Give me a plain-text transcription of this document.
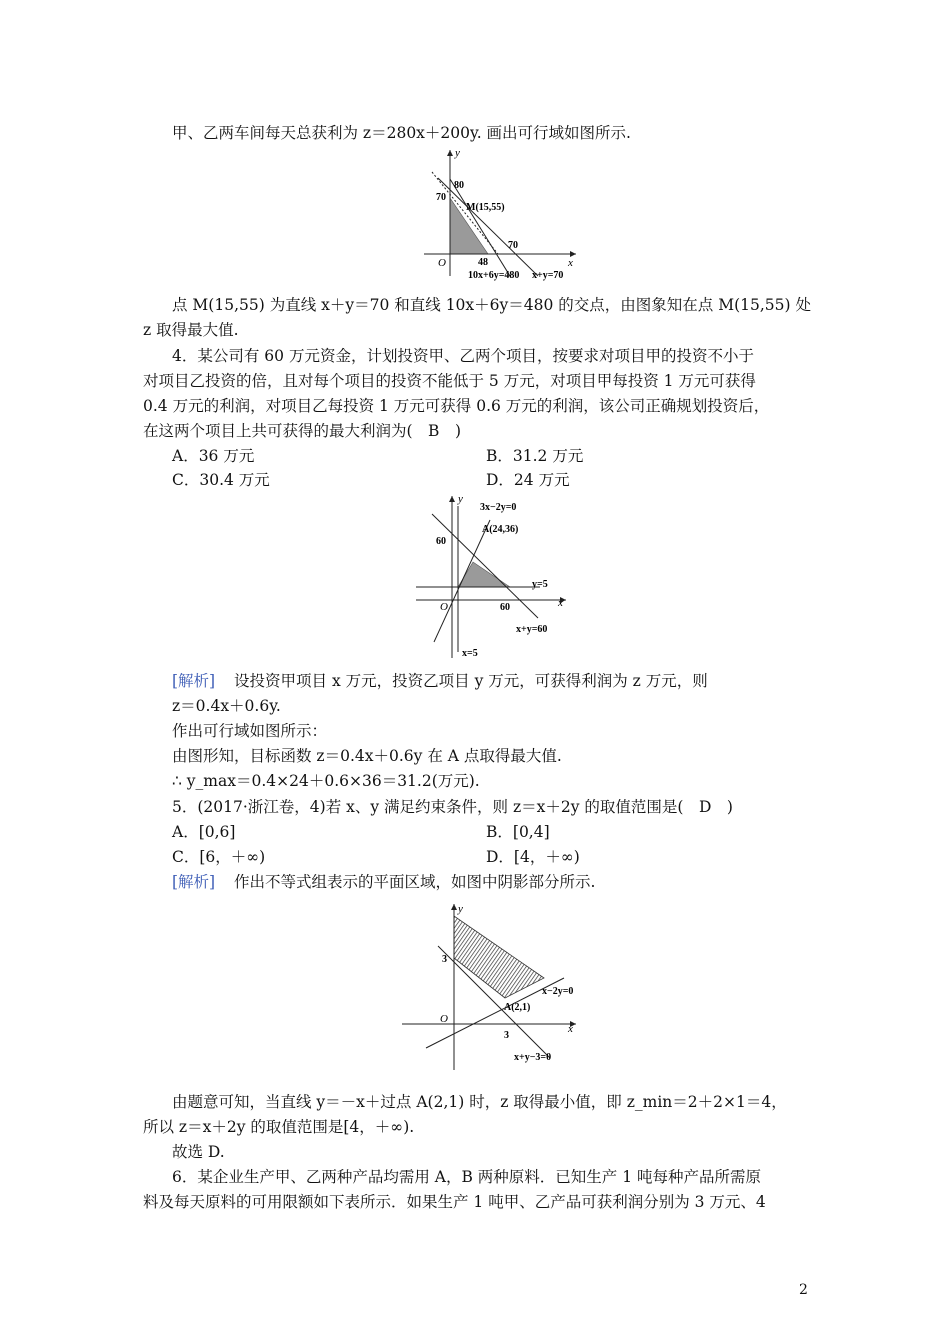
甲、乙两车间每天总获利为 z＝280x＋200y. 画出可行域如图所示.
y
x
O
80
70
M(15,55)
70
48
10x+6y=480 x+y=70
点 M(15,55) 为直线 x＋y＝70 和直线 10x＋6y＝480 的交点，由图象知在点 M(15,55) 处
z 取得最大值.
4．某公司有 60 万元资金，计划投资甲、乙两个项目，按要求对项目甲的投资不小于
对项目乙投资的倍，且对每个项目的投资不能低于 5 万元，对项目甲每投资 1 万元可获得
0.4 万元的利润，对项目乙每投资 1 万元可获得 0.6 万元的利润，该公司正确规划投资后，
在这两个项目上共可获得的最大利润为(　B　)
A．36 万元	B．31.2 万元
C．30.4 万元	D．24 万元
y
x
O
60
60
A(24,36)
3x−2y=0
y=5
x+y=60
x=5
[解析] 设投资甲项目 x 万元，投资乙项目 y 万元，可获得利润为 z 万元，则
z＝0.4x＋0.6y.
作出可行域如图所示：
由图形知，目标函数 z＝0.4x＋0.6y 在 A 点取得最大值.
∴ y_max＝0.4×24＋0.6×36＝31.2(万元).
5．(2017·浙江卷，4)若 x、y 满足约束条件，则 z＝x＋2y 的取值范围是(　D　)
A．[0,6]	B．[0,4]
C．[6，＋∞)	D．[4，＋∞)
[解析] 作出不等式组表示的平面区域，如图中阴影部分所示.
y
x
O
3
3
A(2,1)
x−2y=0
x+y−3=0
由题意可知，当直线 y＝－x＋过点 A(2,1) 时，z 取得最小值，即 z_min＝2＋2×1＝4，
所以 z＝x＋2y 的取值范围是[4，＋∞).
故选 D.
6．某企业生产甲、乙两种产品均需用 A，B 两种原料．已知生产 1 吨每种产品所需原
料及每天原料的可用限额如下表所示．如果生产 1 吨甲、乙产品可获利润分别为 3 万元、4
2
